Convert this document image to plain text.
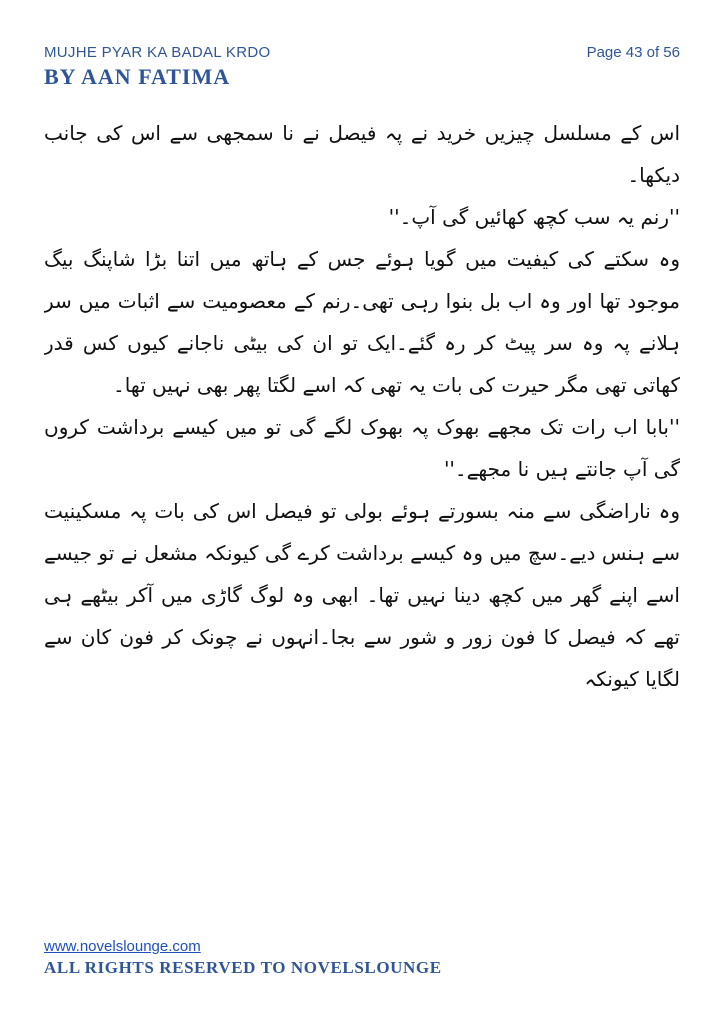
MUJHE PYAR KA BADAL KRDO
BY AAN FATIMA
Page 43 of 56

اس کے مسلسل چیزیں خرید نے پہ فیصل نے نا سمجھی سے اس کی جانب دیکھا۔

''رنم یہ سب کچھ کھائیں گی آپ۔''

وہ سکتے کی کیفیت میں گویا ہوئے جس کے ہاتھ میں اتنا بڑا شاپنگ بیگ موجود تھا اور وہ اب بل بنوا رہی تھی۔رنم کے معصومیت سے اثبات میں سر ہلانے پہ وہ سر پیٹ کر رہ گئے۔ایک تو ان کی بیٹی ناجانے کیوں کس قدر کھاتی تھی مگر حیرت کی بات یہ تھی کہ اسے لگتا پھر بھی نہیں تھا۔

''بابا اب رات تک مجھے بھوک پہ بھوک لگے گی تو میں کیسے برداشت کروں گی آپ جانتے ہیں نا مجھے۔''

وہ ناراضگی سے منہ بسورتے ہوئے بولی تو فیصل اس کی بات پہ مسکینیت سے ہنس دیے۔سچ میں وہ کیسے برداشت کرے گی کیونکہ مشعل نے تو جیسے اسے اپنے گھر میں کچھ دینا نہیں تھا۔ ابھی وہ لوگ گاڑی میں آکر بیٹھے ہی تھے کہ فیصل کا فون زور و شور سے بجا۔انہوں نے چونک کر فون کان سے لگایا کیونکہ

www.novelslounge.com
ALL RIGHTS RESERVED TO NOVELSLOUNGE
